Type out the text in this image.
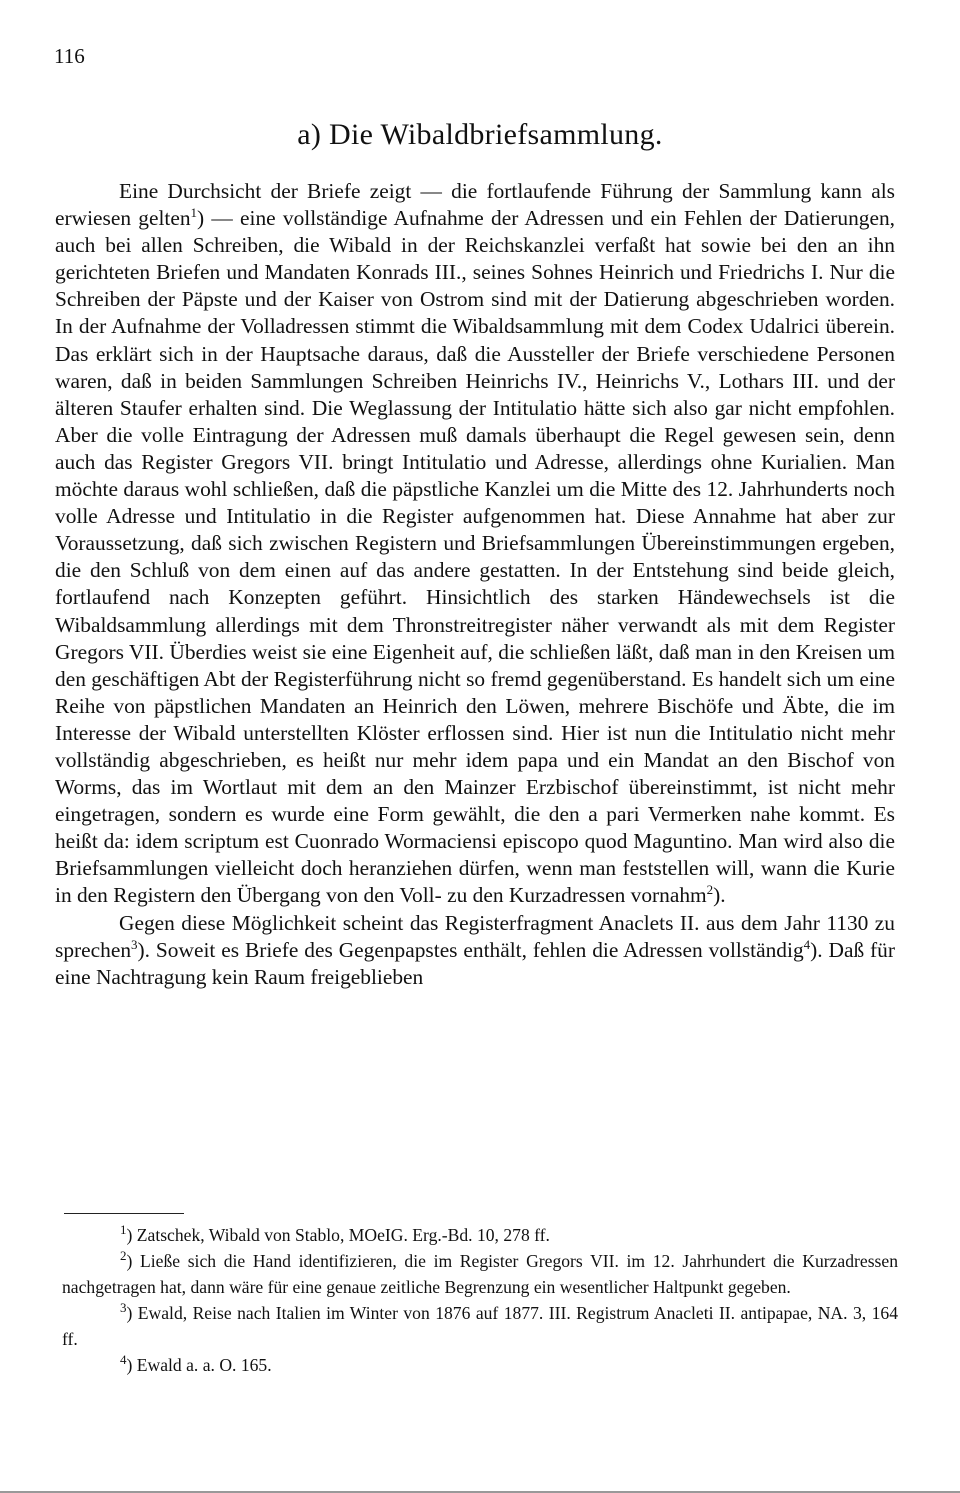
116
a) Die Wibaldbriefsammlung.

Eine Durchsicht der Briefe zeigt — die fortlaufende Führung der Sammlung kann als erwiesen gelten$^1$) — eine vollständige Aufnahme der Adressen und ein Fehlen der Datierungen, auch bei allen Schreiben, die Wibald in der Reichskanzlei verfaßt hat sowie bei den an ihn gerichteten Briefen und Mandaten Konrads III., seines Sohnes Heinrich und Friedrichs I. Nur die Schreiben der Päpste und der Kaiser von Ostrom sind mit der Datierung abgeschrieben worden. In der Aufnahme der Volladressen stimmt die Wibaldsammlung mit dem Codex Udalrici überein. Das erklärt sich in der Hauptsache daraus, daß die Aussteller der Briefe verschiedene Personen waren, daß in beiden Sammlungen Schreiben Heinrichs IV., Heinrichs V., Lothars III. und der älteren Staufer erhalten sind. Die Weglassung der Intitulatio hätte sich also gar nicht empfohlen. Aber die volle Eintragung der Adressen muß damals überhaupt die Regel gewesen sein, denn auch das Register Gregors VII. bringt Intitulatio und Adresse, allerdings ohne Kurialien. Man möchte daraus wohl schließen, daß die päpstliche Kanzlei um die Mitte des 12. Jahrhunderts noch volle Adresse und Intitulatio in die Register aufgenommen hat. Diese Annahme hat aber zur Voraussetzung, daß sich zwischen Registern und Briefsammlungen Übereinstimmungen ergeben, die den Schluß von dem einen auf das andere gestatten. In der Entstehung sind beide gleich, fortlaufend nach Konzepten geführt. Hinsichtlich des starken Händewechsels ist die Wibaldsammlung allerdings mit dem Thronstreitregister näher verwandt als mit dem Register Gregors VII. Überdies weist sie eine Eigenheit auf, die schließen läßt, daß man in den Kreisen um den geschäftigen Abt der Registerführung nicht so fremd gegenüberstand. Es handelt sich um eine Reihe von päpstlichen Mandaten an Heinrich den Löwen, mehrere Bischöfe und Äbte, die im Interesse der Wibald unterstellten Klöster erflossen sind. Hier ist nun die Intitulatio nicht mehr vollständig abgeschrieben, es heißt nur mehr idem papa und ein Mandat an den Bischof von Worms, das im Wortlaut mit dem an den Mainzer Erzbischof übereinstimmt, ist nicht mehr eingetragen, sondern es wurde eine Form gewählt, die den a pari Vermerken nahe kommt. Es heißt da: idem scriptum est Cuonrado Wormaciensi episcopo quod Maguntino. Man wird also die Briefsammlungen vielleicht doch heranziehen dürfen, wenn man feststellen will, wann die Kurie in den Registern den Übergang von den Voll- zu den Kurzadressen vornahm$^2$).

Gegen diese Möglichkeit scheint das Registerfragment Anaclets II. aus dem Jahr 1130 zu sprechen$^3$). Soweit es Briefe des Gegenpapstes enthält, fehlen die Adressen vollständig$^4$). Daß für eine Nachtragung kein Raum freigeblieben

$^1$) Zatschek, Wibald von Stablo, MOeIG. Erg.-Bd. 10, 278 ff.

$^2$) Ließe sich die Hand identifizieren, die im Register Gregors VII. im 12. Jahrhundert die Kurzadressen nachgetragen hat, dann wäre für eine genaue zeitliche Begrenzung ein wesentlicher Haltpunkt gegeben.

$^3$) Ewald, Reise nach Italien im Winter von 1876 auf 1877. III. Registrum Anacleti II. antipapae, NA. 3, 164 ff.

$^4$) Ewald a. a. O. 165.
